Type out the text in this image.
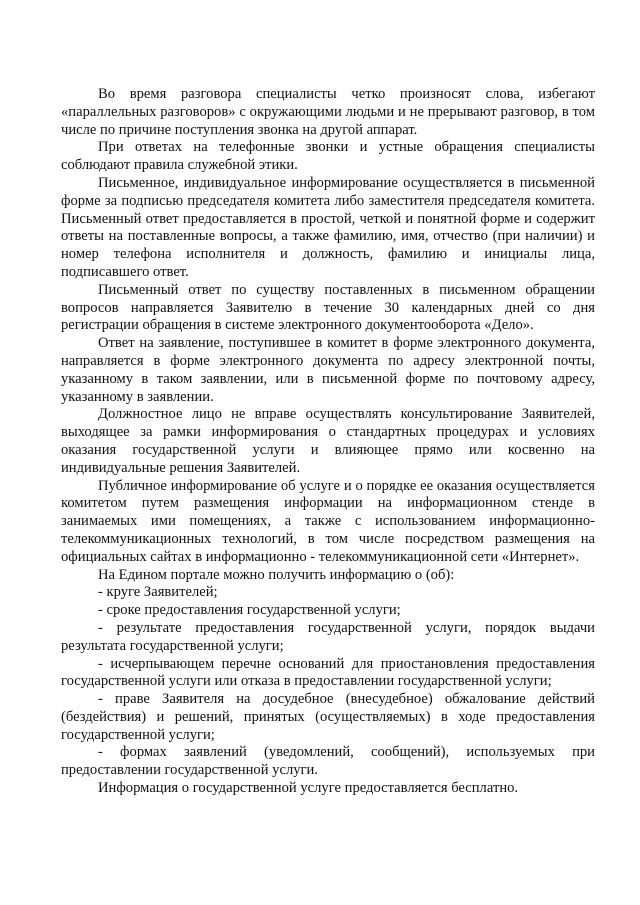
Во время разговора специалисты четко произносят слова, избегают «параллельных разговоров» с окружающими людьми и не прерывают разговор, в том числе по причине поступления звонка на другой аппарат.

При ответах на телефонные звонки и устные обращения специалисты соблюдают правила служебной этики.

Письменное, индивидуальное информирование осуществляется в письменной форме за подписью председателя комитета либо заместителя председателя комитета. Письменный ответ предоставляется в простой, четкой и понятной форме и содержит ответы на поставленные вопросы, а также фамилию, имя, отчество (при наличии) и номер телефона исполнителя и должность, фамилию и инициалы лица, подписавшего ответ.

Письменный ответ по существу поставленных в письменном обращении вопросов направляется Заявителю в течение 30 календарных дней со дня регистрации обращения в системе электронного документооборота «Дело».

Ответ на заявление, поступившее в комитет в форме электронного документа, направляется в форме электронного документа по адресу электронной почты, указанному в таком заявлении, или в письменной форме по почтовому адресу, указанному в заявлении.

Должностное лицо не вправе осуществлять консультирование Заявителей, выходящее за рамки информирования о стандартных процедурах и условиях оказания государственной услуги и влияющее прямо или косвенно на индивидуальные решения Заявителей.

Публичное информирование об услуге и о порядке ее оказания осуществляется комитетом путем размещения информации на информационном стенде в занимаемых ими помещениях, а также с использованием информационно-телекоммуникационных технологий, в том числе посредством размещения на официальных сайтах в информационно - телекоммуникационной сети «Интернет».

На Едином портале можно получить информацию о (об):

- круге Заявителей;

- сроке предоставления государственной услуги;

- результате предоставления государственной услуги, порядок выдачи результата государственной услуги;

- исчерпывающем перечне оснований для приостановления предоставления государственной услуги или отказа в предоставлении государственной услуги;

- праве Заявителя на досудебное (внесудебное) обжалование действий (бездействия) и решений, принятых (осуществляемых) в ходе предоставления государственной услуги;

- формах заявлений (уведомлений, сообщений), используемых при предоставлении государственной услуги.

Информация о государственной услуге предоставляется бесплатно.
